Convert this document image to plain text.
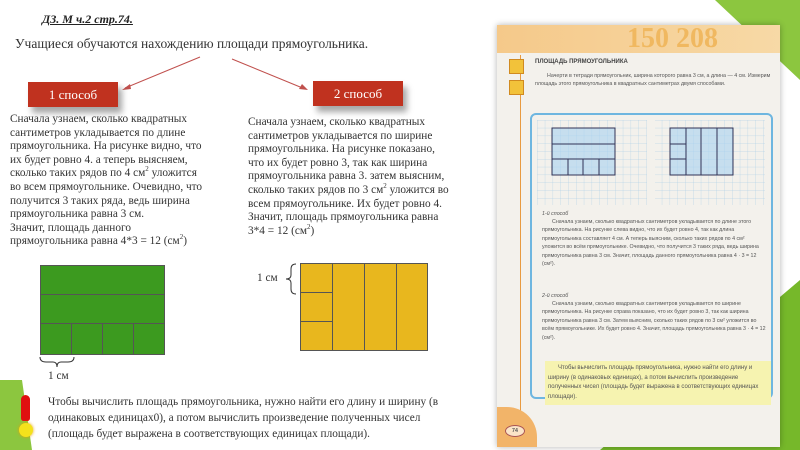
ДЗ. М ч.2 стр.74.
Учащиеся обучаются нахождению площади прямоугольника.
1 способ	2 способ
Сначала узнаем, сколько квадратных
сантиметров укладывается по длине
прямоугольника. На рисунке видно, что
их будет ровно 4. а теперь выясняем,
сколько таких рядов по 4 $см^2$ уложится
во всем прямоугольнике. Очевидно, что
получится 3 таких ряда, ведь ширина
прямоугольника равна 3 см.
Значит, площадь данного
прямоугольника равна 4*3 = 12 $(см^2)$
Сначала узнаем, сколько квадратных
сантиметров укладывается по ширине
прямоугольника. На рисунке показано,
что их будет ровно 3, так как ширина
прямоугольника равна 3. затем выясним,
сколько таких рядов по 3 $см^2$ уложится во
всем прямоугольнике. Их будет ровно 4.
Значит, площадь прямоугольника равна
3*4 = 12 $(см^2)$
1 см
1 см
Чтобы вычислить площадь прямоугольника, нужно найти его длину и ширину (в одинаковых единицах0), а потом вычислить произведение полученных чисел (площадь будет выражена в соответствующих единицах площади).
150 208
ПЛОЩАДЬ ПРЯМОУГОЛЬНИКА
Начерти в тетради прямоугольник, ширина которого равна 3 см, а длина — 4 см. Измерим площадь этого прямоугольника в квадратных сантиметрах двумя способами.
1-й способ
Сначала узнаем, сколько квадратных сантиметров укладывается по длине этого прямоугольника. На рисунке слева видно, что их будет ровно 4, так как длина прямоугольника составляет 4 см. А теперь выясним, сколько таких рядов по 4 см² уложится во всём прямоугольнике. Очевидно, что получится 3 таких ряда, ведь ширина прямоугольника равна 3 см. Значит, площадь данного прямоугольника равна 4 · 3 = 12 (см²).
2-й способ
Сначала узнаем, сколько квадратных сантиметров укладывается по ширине прямоугольника. На рисунке справа показано, что их будет ровно 3, так как ширина прямоугольника равна 3 см. Затем выясним, сколько таких рядов по 3 см² уложится во всём прямоугольнике. Их будет ровно 4. Значит, площадь прямоугольника равна 3 · 4 = 12 (см²).
Чтобы вычислить площадь прямоугольника, нужно найти его длину и ширину (в одинаковых единицах), а потом вычислить произведение полученных чисел (площадь будет выражена в соответствующих единицах площади).
74
